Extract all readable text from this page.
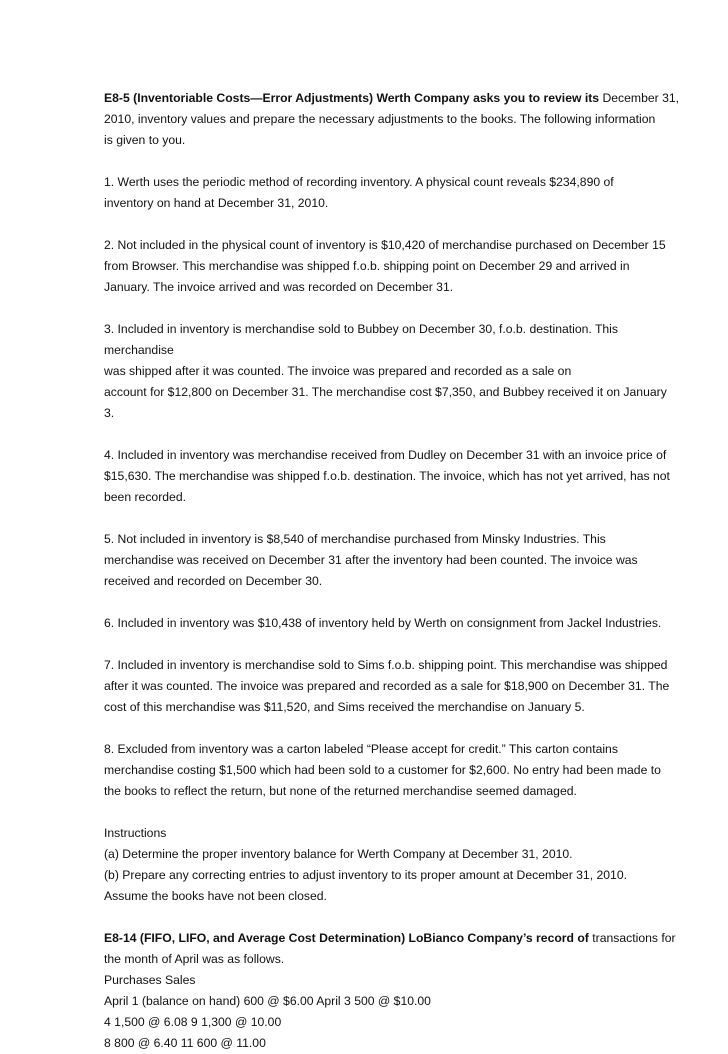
E8-5 (Inventoriable Costs—Error Adjustments) Werth Company asks you to review its December 31,
2010, inventory values and prepare the necessary adjustments to the books. The following information
is given to you.
1. Werth uses the periodic method of recording inventory. A physical count reveals $234,890 of
inventory on hand at December 31, 2010.
2. Not included in the physical count of inventory is $10,420 of merchandise purchased on December 15
from Browser. This merchandise was shipped f.o.b. shipping point on December 29 and arrived in
January. The invoice arrived and was recorded on December 31.
3. Included in inventory is merchandise sold to Bubbey on December 30, f.o.b. destination. This
merchandise
was shipped after it was counted. The invoice was prepared and recorded as a sale on
account for $12,800 on December 31. The merchandise cost $7,350, and Bubbey received it on January
3.
4. Included in inventory was merchandise received from Dudley on December 31 with an invoice price of
$15,630. The merchandise was shipped f.o.b. destination. The invoice, which has not yet arrived, has not
been recorded.
5. Not included in inventory is $8,540 of merchandise purchased from Minsky Industries. This
merchandise was received on December 31 after the inventory had been counted. The invoice was
received and recorded on December 30.
6. Included in inventory was $10,438 of inventory held by Werth on consignment from Jackel Industries.
7. Included in inventory is merchandise sold to Sims f.o.b. shipping point. This merchandise was shipped
after it was counted. The invoice was prepared and recorded as a sale for $18,900 on December 31. The
cost of this merchandise was $11,520, and Sims received the merchandise on January 5.
8. Excluded from inventory was a carton labeled “Please accept for credit.” This carton contains
merchandise costing $1,500 which had been sold to a customer for $2,600. No entry had been made to
the books to reflect the return, but none of the returned merchandise seemed damaged.
Instructions
(a) Determine the proper inventory balance for Werth Company at December 31, 2010.
(b) Prepare any correcting entries to adjust inventory to its proper amount at December 31, 2010.
Assume the books have not been closed.
E8-14 (FIFO, LIFO, and Average Cost Determination) LoBianco Company’s record of transactions for
the month of April was as follows.
Purchases Sales
April 1 (balance on hand) 600 @ $6.00 April 3 500 @ $10.00
4 1,500 @ 6.08 9 1,300 @ 10.00
8 800 @ 6.40 11 600 @ 11.00
